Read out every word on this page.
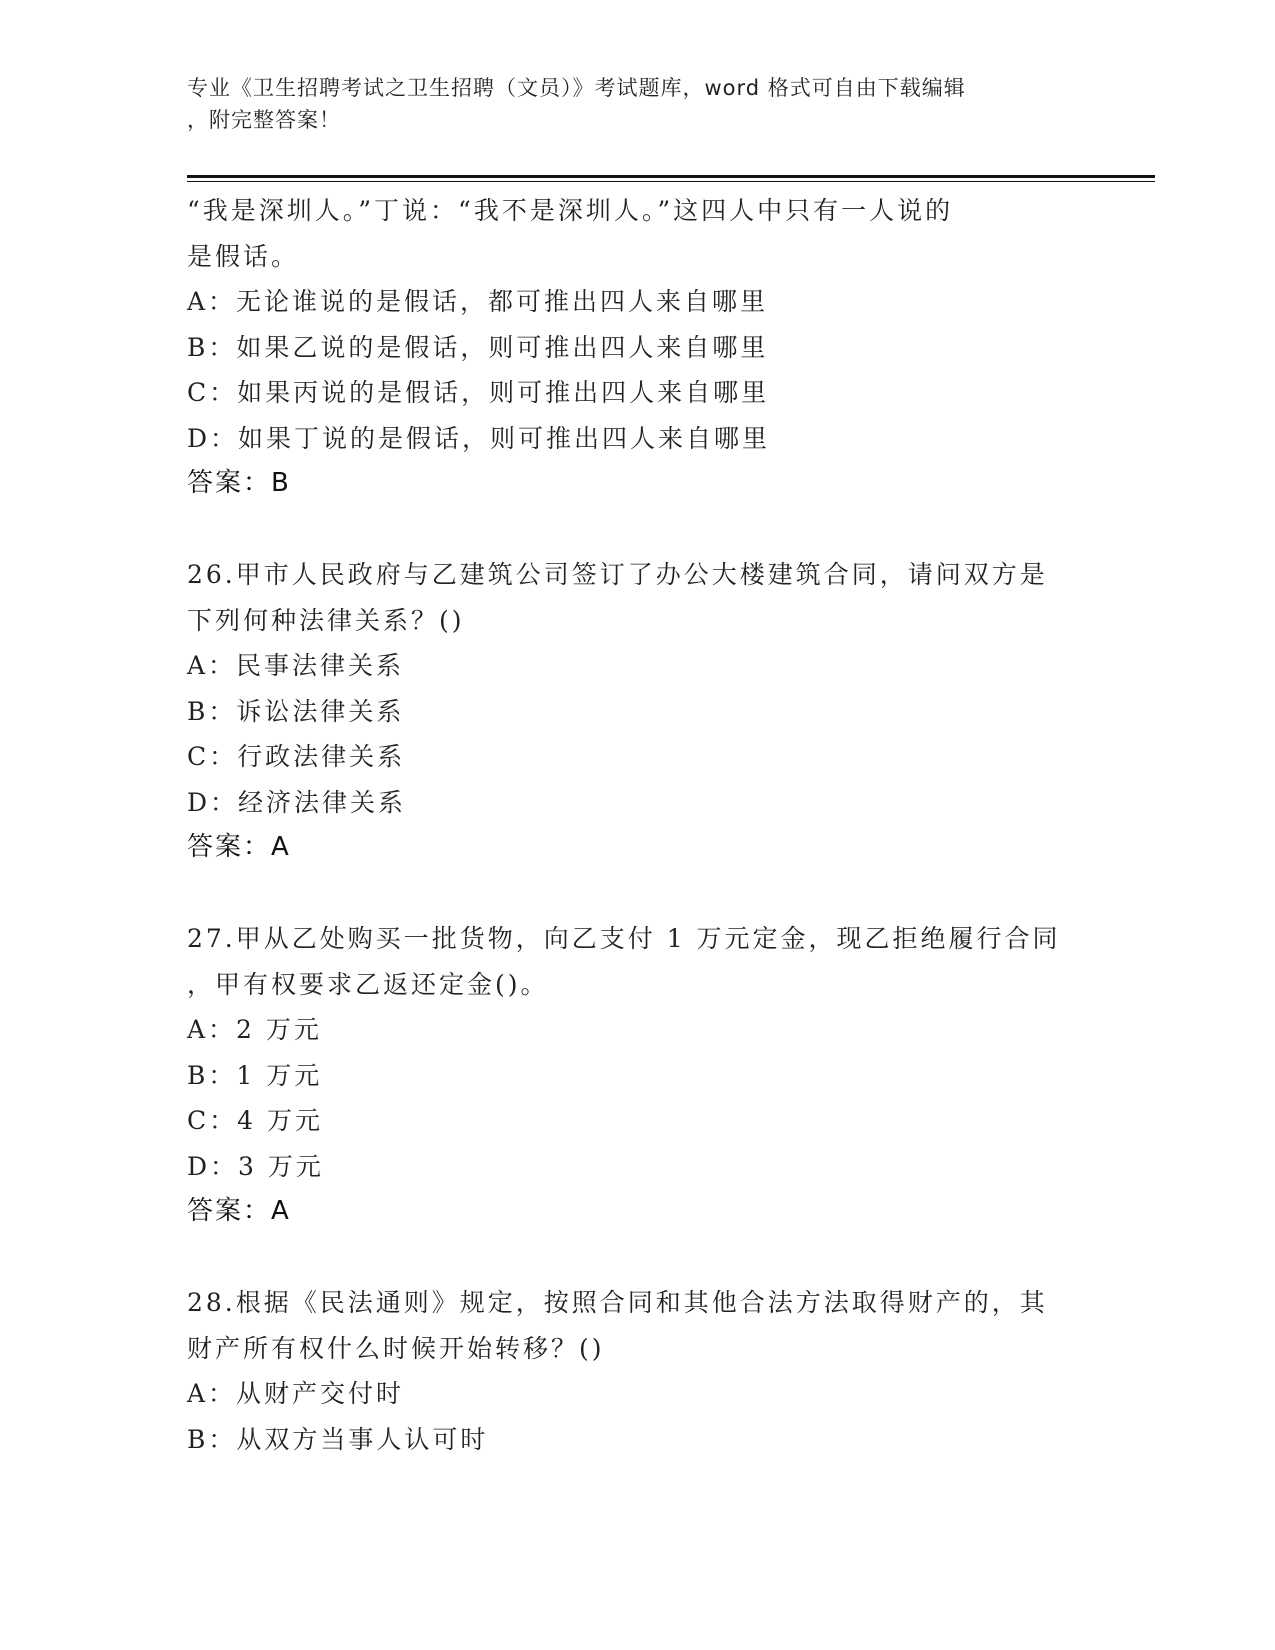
专业《卫生招聘考试之卫生招聘（文员）》考试题库，word 格式可自由下载编辑
，附完整答案！
“我是深圳人。”丁说：“我不是深圳人。”这四人中只有一人说的
是假话。
A：无论谁说的是假话，都可推出四人来自哪里
B：如果乙说的是假话，则可推出四人来自哪里
C：如果丙说的是假话，则可推出四人来自哪里
D：如果丁说的是假话，则可推出四人来自哪里
答案：B
26.甲市人民政府与乙建筑公司签订了办公大楼建筑合同，请问双方是
下列何种法律关系？()
A：民事法律关系
B：诉讼法律关系
C：行政法律关系
D：经济法律关系
答案：A
27.甲从乙处购买一批货物，向乙支付 1 万元定金，现乙拒绝履行合同
，甲有权要求乙返还定金()。
A：2 万元
B：1 万元
C：4 万元
D：3 万元
答案：A
28.根据《民法通则》规定，按照合同和其他合法方法取得财产的，其
财产所有权什么时候开始转移？()
A：从财产交付时
B：从双方当事人认可时
